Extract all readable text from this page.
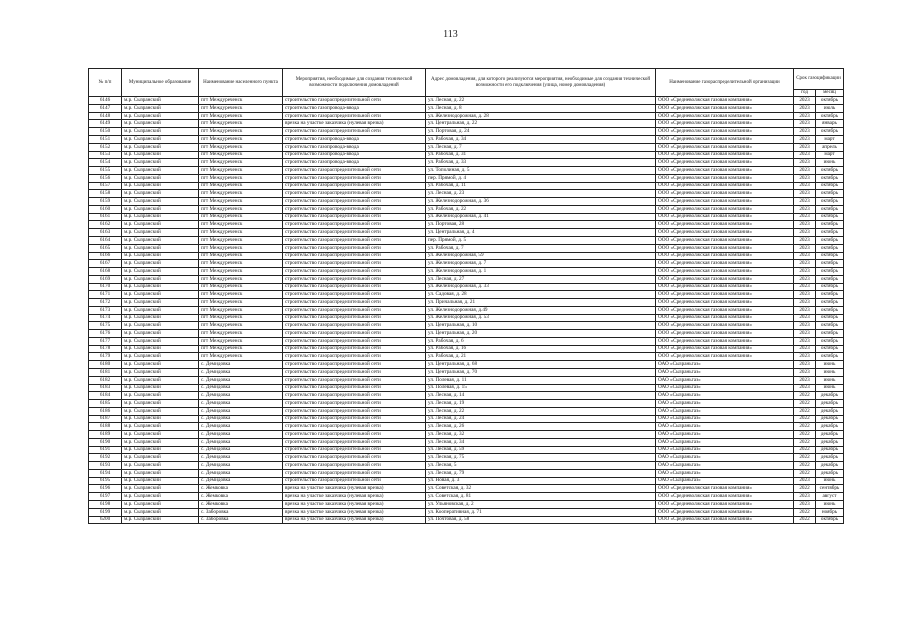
113
№ п/п	Муниципальное образование	Наименование населенного пункта	Мероприятия, необходимые для создания технической возможности подключения домовладений	Адрес домовладения, для которого реализуются мероприятия, необходимые для создания технической возможности его подключения (улица, номер домовладения)	Наименование газораспределительной организации	Срок газоцификации	
						год	месяц
6146	м.р. Сызранский	пгт Междуреченск	строительство газораспределительной сети	ул. Лесная, д. 22	ООО «Средневолжская газовая компания»	2023	октябрь
6147	м.р. Сызранский	пгт Междуреченск	строительство газопровода-ввода	ул. Лесная, д. 8	ООО «Средневолжская газовая компания»	2023	июль
6148	м.р. Сызранский	пгт Междуреченск	строительство газораспределительной сети	ул. Железнодорожная, д. 28	ООО «Средневолжская газовая компания»	2023	октябрь
6149	м.р. Сызранский	пгт Междуреченск	врезка на участке заказчика (нулевая врезка)	ул. Центральная, д. 22	ООО «Средневолжская газовая компания»	2023	январь
6150	м.р. Сызранский	пгт Междуреченск	строительство газораспределительной сети	ул. Портовая, д. 24	ООО «Средневолжская газовая компания»	2023	октябрь
6151	м.р. Сызранский	пгт Междуреченск	строительство газопровода-ввода	ул. Рабочая, д. 34	ООО «Средневолжская газовая компания»	2023	март
6152	м.р. Сызранский	пгт Междуреченск	строительство газопровода-ввода	ул. Лесная, д. 7	ООО «Средневолжская газовая компания»	2023	апрель
6153	м.р. Сызранский	пгт Междуреченск	строительство газопровода-ввода	ул. Рабочая, д. 31	ООО «Средневолжская газовая компания»	2023	март
6154	м.р. Сызранский	пгт Междуреченск	строительство газопровода-ввода	ул. Рабочая, д. 33	ООО «Средневолжская газовая компания»	2023	июнь
6155	м.р. Сызранский	пгт Междуреченск	строительство газораспределительной сети	ул. Тополиная, д. 5	ООО «Средневолжская газовая компания»	2023	октябрь
6156	м.р. Сызранский	пгт Междуреченск	строительство газораспределительной сети	пер. Прямой, д. 4	ООО «Средневолжская газовая компания»	2023	октябрь
6157	м.р. Сызранский	пгт Междуреченск	строительство газораспределительной сети	ул. Рабочая, д. 11	ООО «Средневолжская газовая компания»	2023	октябрь
6158	м.р. Сызранский	пгт Междуреченск	строительство газораспределительной сети	ул. Лесная, д. 23	ООО «Средневолжская газовая компания»	2023	октябрь
6159	м.р. Сызранский	пгт Междуреченск	строительство газораспределительной сети	ул. Железнодорожная, д. 36	ООО «Средневолжская газовая компания»	2023	октябрь
6160	м.р. Сызранский	пгт Междуреченск	строительство газораспределительной сети	ул. Рабочая, д. 22	ООО «Средневолжская газовая компания»	2023	октябрь
6161	м.р. Сызранский	пгт Междуреченск	строительство газораспределительной сети	ул. Железнодорожная, д. 41	ООО «Средневолжская газовая компания»	2023	октябрь
6162	м.р. Сызранский	пгт Междуреченск	строительство газораспределительной сети	ул. Портовая, 28	ООО «Средневолжская газовая компания»	2023	октябрь
6163	м.р. Сызранский	пгт Междуреченск	строительство газораспределительной сети	ул. Центральная, д. 4	ООО «Средневолжская газовая компания»	2023	октябрь
6164	м.р. Сызранский	пгт Междуреченск	строительство газораспределительной сети	пер. Прямой, д. 5	ООО «Средневолжская газовая компания»	2023	октябрь
6165	м.р. Сызранский	пгт Междуреченск	строительство газораспределительной сети	ул. Рабочая, д. 7	ООО «Средневолжская газовая компания»	2023	октябрь
6166	м.р. Сызранский	пгт Междуреченск	строительство газораспределительной сети	ул. Железнодорожная, 59	ООО «Средневолжская газовая компания»	2023	октябрь
6167	м.р. Сызранский	пгт Междуреченск	строительство газораспределительной сети	ул. Железнодорожная, д. 7	ООО «Средневолжская газовая компания»	2023	октябрь
6168	м.р. Сызранский	пгт Междуреченск	строительство газораспределительной сети	ул. Железнодорожная, д. 1	ООО «Средневолжская газовая компания»	2023	октябрь
6169	м.р. Сызранский	пгт Междуреченск	строительство газораспределительной сети	ул. Лесная, д. 27	ООО «Средневолжская газовая компания»	2023	октябрь
6170	м.р. Сызранский	пгт Междуреченск	строительство газораспределительной сети	ул. Железнодорожная, д. 33	ООО «Средневолжская газовая компания»	2023	октябрь
6171	м.р. Сызранский	пгт Междуреченск	строительство газораспределительной сети	ул. Садовая, д. 28	ООО «Средневолжская газовая компания»	2023	октябрь
6172	м.р. Сызранский	пгт Междуреченск	строительство газораспределительной сети	ул. Причальная, д. 21	ООО «Средневолжская газовая компания»	2023	октябрь
6173	м.р. Сызранский	пгт Междуреченск	строительство газораспределительной сети	ул. Железнодорожная, д.49	ООО «Средневолжская газовая компания»	2023	октябрь
6174	м.р. Сызранский	пгт Междуреченск	строительство газораспределительной сети	ул. Железнодорожная, д. 53	ООО «Средневолжская газовая компания»	2023	октябрь
6175	м.р. Сызранский	пгт Междуреченск	строительство газораспределительной сети	ул. Центральная, д. 10	ООО «Средневолжская газовая компания»	2023	октябрь
6176	м.р. Сызранский	пгт Междуреченск	строительство газораспределительной сети	ул. Центральная, д. 20	ООО «Средневолжская газовая компания»	2023	октябрь
6177	м.р. Сызранский	пгт Междуреченск	строительство газораспределительной сети	ул. Рабочая, д. 6	ООО «Средневолжская газовая компания»	2023	октябрь
6178	м.р. Сызранский	пгт Междуреченск	строительство газораспределительной сети	ул. Рабочая, д. 16	ООО «Средневолжская газовая компания»	2023	октябрь
6179	м.р. Сызранский	пгт Междуреченск	строительство газораспределительной сети	ул. Рабочая, д. 21	ООО «Средневолжская газовая компания»	2023	октябрь
6180	м.р. Сызранский	с. Демидовка	строительство газораспределительной сети	ул. Центральная, д. 68	ОАО «Сызраньгаз»	2023	июнь
6181	м.р. Сызранский	с. Демидовка	строительство газораспределительной сети	ул. Центральная, д. 70	ОАО «Сызраньгаз»	2023	июнь
6182	м.р. Сызранский	с. Демидовка	строительство газораспределительной сети	ул. Полевая, д. 11	ОАО «Сызраньгаз»	2023	июнь
6183	м.р. Сызранский	с. Демидовка	строительство газораспределительной сети	ул. Полевая, д. 15	ОАО «Сызраньгаз»	2023	июнь
6184	м.р. Сызранский	с. Демидовка	строительство газораспределительной сети	ул. Лесная, д. 14	ОАО «Сызраньгаз»	2022	декабрь
6185	м.р. Сызранский	с. Демидовка	строительство газораспределительной сети	ул. Лесная, д. 19	ОАО «Сызраньгаз»	2022	декабрь
6186	м.р. Сызранский	с. Демидовка	строительство газораспределительной сети	ул. Лесная, д. 22	ОАО «Сызраньгаз»	2022	декабрь
6187	м.р. Сызранский	с. Демидовка	строительство газораспределительной сети	ул. Лесная, д. 24	ОАО «Сызраньгаз»	2022	декабрь
6188	м.р. Сызранский	с. Демидовка	строительство газораспределительной сети	ул. Лесная, д. 26	ОАО «Сызраньгаз»	2022	декабрь
6189	м.р. Сызранский	с. Демидовка	строительство газораспределительной сети	ул. Лесная, д. 32	ОАО «Сызраньгаз»	2022	декабрь
6190	м.р. Сызранский	с. Демидовка	строительство газораспределительной сети	ул. Лесная, д. 34	ОАО «Сызраньгаз»	2022	декабрь
6191	м.р. Сызранский	с. Демидовка	строительство газораспределительной сети	ул. Лесная, д. 59	ОАО «Сызраньгаз»	2022	декабрь
6192	м.р. Сызранский	с. Демидовка	строительство газораспределительной сети	ул. Лесная, д. 75	ОАО «Сызраньгаз»	2022	декабрь
6193	м.р. Сызранский	с. Демидовка	строительство газораспределительной сети	ул. Лесная, 5	ОАО «Сызраньгаз»	2022	декабрь
6194	м.р. Сызранский	с. Демидовка	строительство газораспределительной сети	ул. Лесная, д. 79	ОАО «Сызраньгаз»	2022	декабрь
6195	м.р. Сызранский	с. Демидовка	строительство газораспределительной сети	ул. Новая, д. 3	ОАО «Сызраньгаз»	2023	июнь
6196	м.р. Сызранский	с. Жемковка	врезка на участке заказчика (нулевая врезка)	ул. Советская, д. 32	ООО «Средневолжская газовая компания»	2022	сентябрь
6197	м.р. Сызранский	с. Жемковка	врезка на участке заказчика (нулевая врезка)	ул. Советская, д. 81	ООО «Средневолжская газовая компания»	2023	август
6198	м.р. Сызранский	с. Жемковка	врезка на участке заказчика (нулевая врезка)	ул. Ульяновская, д. 2	ООО «Средневолжская газовая компания»	2023	июнь
6199	м.р. Сызранский	с. Заборовка	врезка на участке заказчика (нулевая врезка)	ул. Кооперативная, д. 71	ООО «Средневолжская газовая компания»	2022	ноябрь
6200	м.р. Сызранский	с. Заборовка	врезка на участке заказчика (нулевая врезка)	ул. Почтовая, д. 58	ООО «Средневолжская газовая компания»	2022	октябрь
